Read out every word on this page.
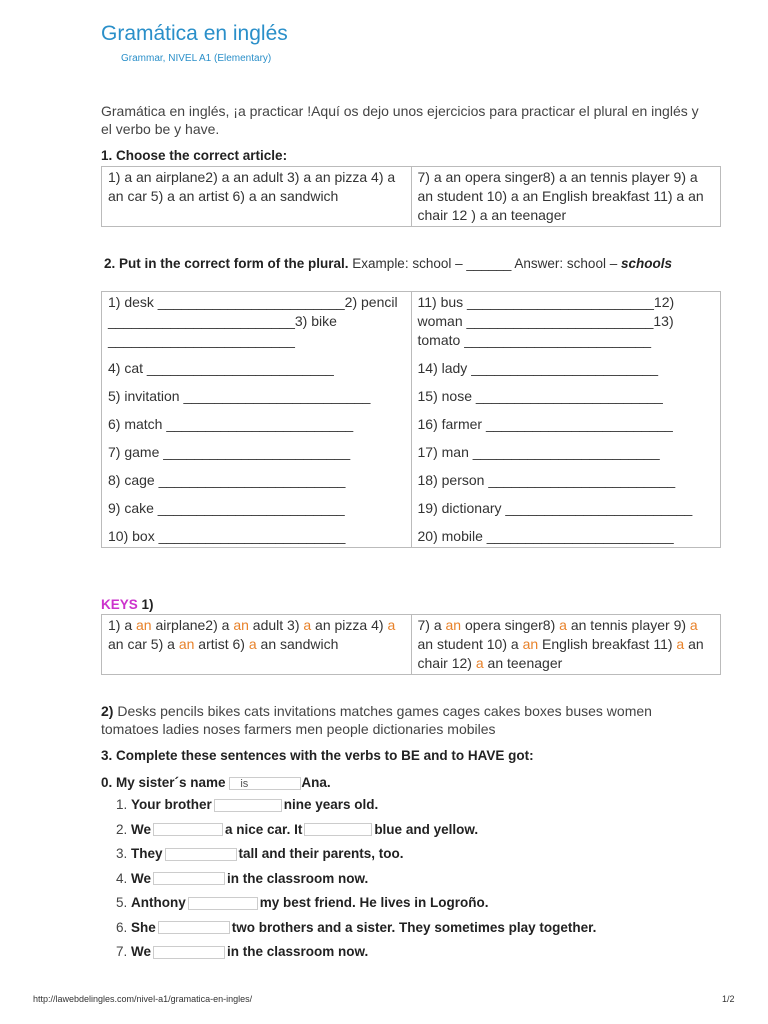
Gramática en inglés
Grammar, NIVEL A1 (Elementary)
Gramática en inglés, ¡a practicar !Aquí os dejo unos ejercicios para practicar el plural en inglés y el verbo be y have.
1. Choose the correct article:
1) a an airplane2) a an adult 3) a an pizza 4) a an car 5) a an artist 6) a an sandwich	7) a an opera singer8) a an tennis player 9) a an student 10) a an English breakfast 11) a an chair 12 ) a an teenager
2. Put in the correct form of the plural. Example: school – ______ Answer: school – schools
1) desk ________________________2) pencil ________________________3) bike ________________________
4) cat ________________________
5) invitation ________________________
6) match ________________________
7) game ________________________
8) cage ________________________
9) cake ________________________
10) box ________________________

11) bus ________________________12) woman ________________________13) tomato ________________________
14) lady ________________________
15) nose ________________________
16) farmer ________________________
17) man ________________________
18) person ________________________
19) dictionary ________________________
20) mobile ________________________
KEYS 1)
1) a an airplane2) a an adult 3) a an pizza 4) a an car 5) a an artist 6) a an sandwich	7) a an opera singer8) a an tennis player 9) a an student 10) a an English breakfast 11) a an chair 12) a an teenager
2) Desks pencils bikes cats invitations matches games cages cakes boxes buses women tomatoes ladies noses farmers men people dictionaries mobiles
3. Complete these sentences with the verbs to BE and to HAVE got:
0. My sister´s name is	Ana.
1. Your brother	nine years old.
2. We	a nice car. It	blue and yellow.
3. They	tall and their parents, too.
4. We	in the classroom now.
5. Anthony	my best friend. He lives in Logroño.
6. She	two brothers and a sister. They sometimes play together.
7. We	in the classroom now.
http://lawebdelingles.com/nivel-a1/gramatica-en-ingles/	1/2
